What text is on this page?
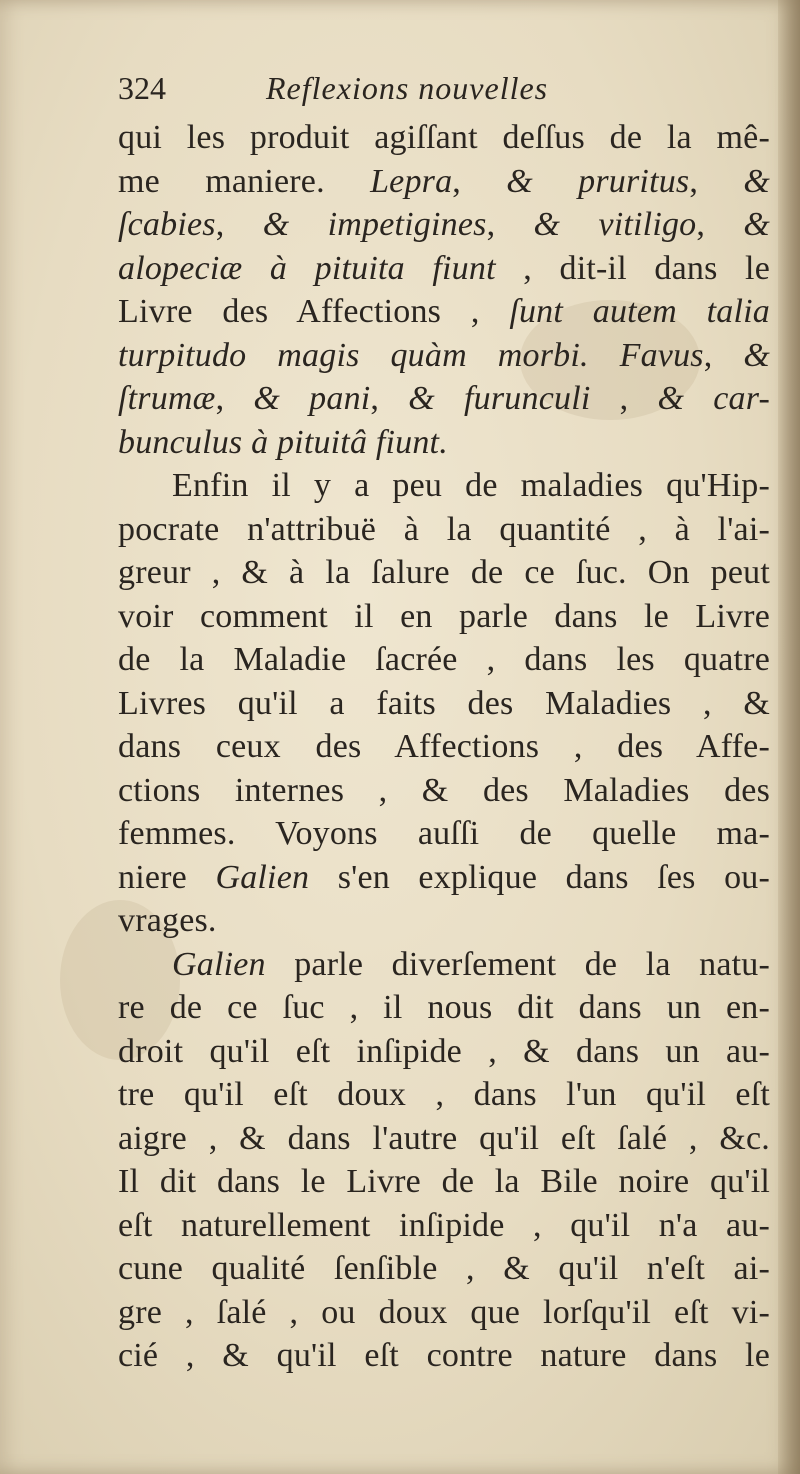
324	Reflexions nouvelles
qui les produit agiſſant deſſus de la mê-
me maniere. Lepra, & pruritus, &
ſcabies, & impetigines, & vitiligo, &
alopeciæ à pituita fiunt , dit-il dans le
Livre des Affections , ſunt autem talia
turpitudo magis quàm morbi. Favus, &
ſtrumæ, & pani, & furunculi , & car-
bunculus à pituitâ fiunt.
Enfin il y a peu de maladies qu'Hip-
pocrate n'attribuë à la quantité , à l'ai-
greur , & à la ſalure de ce ſuc. On peut
voir comment il en parle dans le Livre
de la Maladie ſacrée , dans les quatre
Livres qu'il a faits des Maladies , &
dans ceux des Affections , des Affe-
ctions internes , & des Maladies des
femmes. Voyons auſſi de quelle ma-
niere Galien s'en explique dans ſes ou-
vrages.
Galien parle diverſement de la natu-
re de ce ſuc , il nous dit dans un en-
droit qu'il eſt inſipide , & dans un au-
tre qu'il eſt doux , dans l'un qu'il eſt
aigre , & dans l'autre qu'il eſt ſalé , &c.
Il dit dans le Livre de la Bile noire qu'il
eſt naturellement inſipide , qu'il n'a au-
cune qualité ſenſible , & qu'il n'eſt ai-
gre , ſalé , ou doux que lorſqu'il eſt vi-
cié , & qu'il eſt contre nature dans le
